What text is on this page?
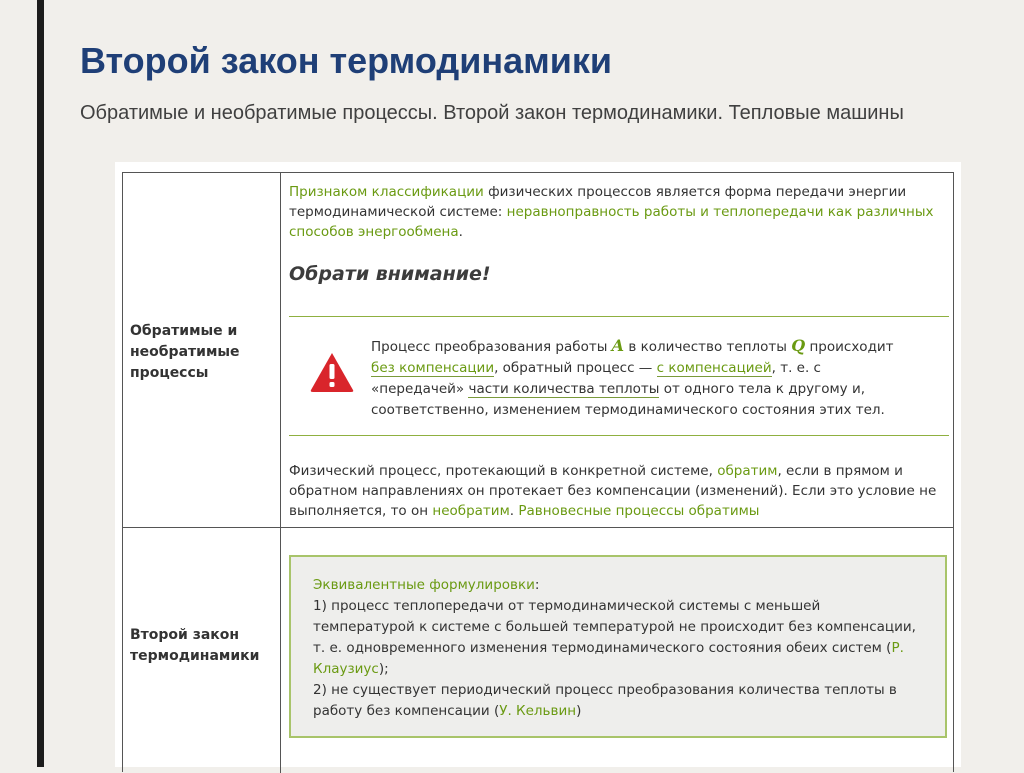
Второй закон термодинамики
Обратимые и необратимые процессы. Второй закон термодинамики. Тепловые машины
Обратимые и
необратимые
процессы
Признаком классификации физических процессов является форма передачи энергии
термодинамической системе: неравноправность работы и теплопередачи как различных
способов энергообмена.
Обрати внимание!
Процесс преобразования работы A в количество теплоты Q происходит
без компенсации, обратный процесс — с компенсацией, т. е. с
«передачей» части количества теплоты от одного тела к другому и,
соответственно, изменением термодинамического состояния этих тел.
Физический процесс, протекающий в конкретной системе, обратим, если в прямом и
обратном направлениях он протекает без компенсации (изменений). Если это условие не
выполняется, то он необратим. Равновесные процессы обратимы
Второй закон
термодинамики
Эквивалентные формулировки:
1) процесс теплопередачи от термодинамической системы с меньшей
температурой к системе с большей температурой не происходит без компенсации,
т. е. одновременного изменения термодинамического состояния обеих систем (Р.
Клаузиус);
2) не существует периодический процесс преобразования количества теплоты в
работу без компенсации (У. Кельвин)
